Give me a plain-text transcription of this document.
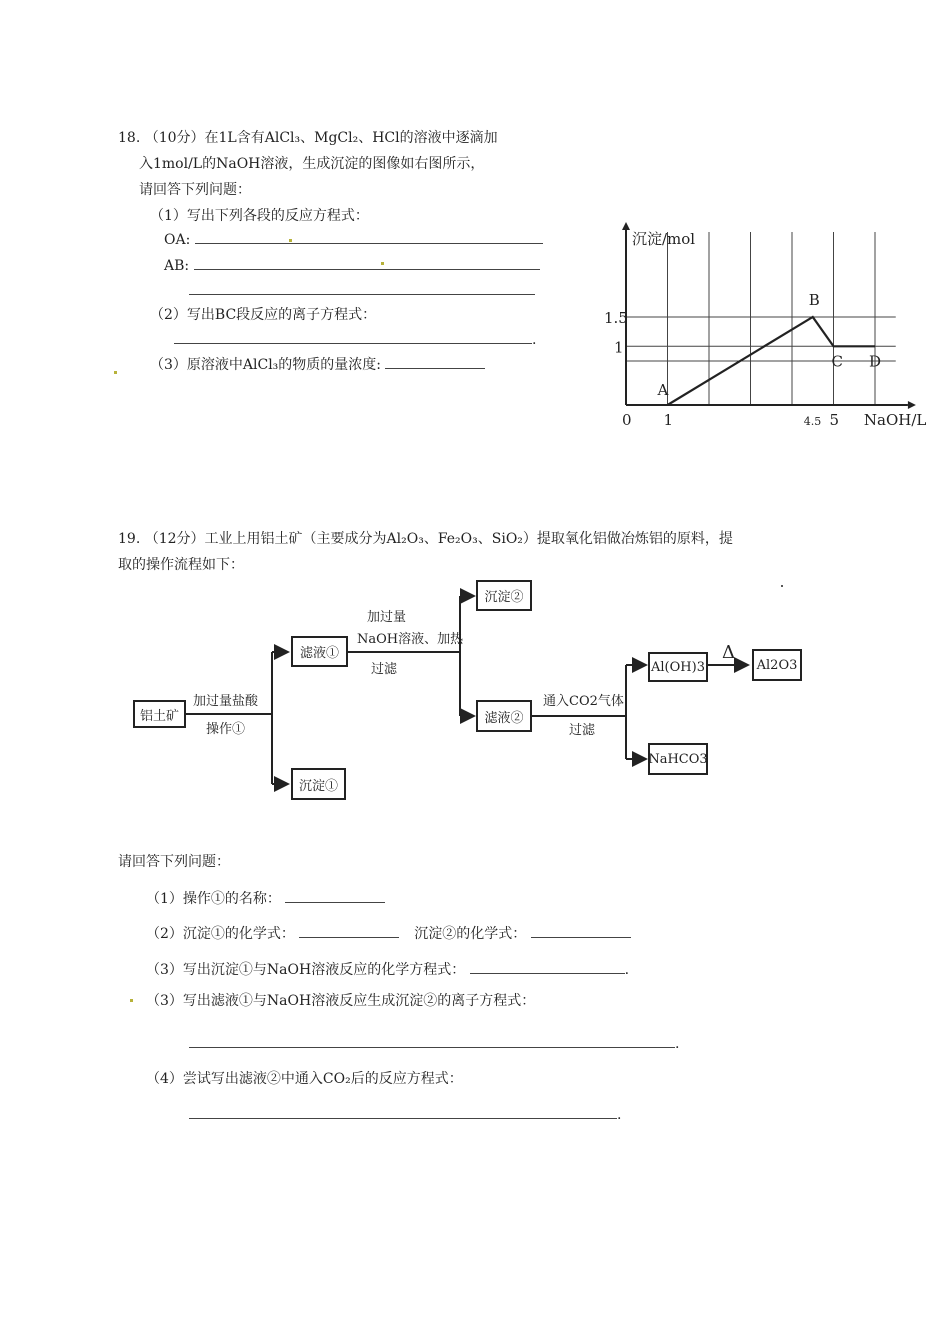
18. （10分）在1L含有AlCl₃、MgCl₂、HCl的溶液中逐滴加
入1mol/L的NaOH溶液，生成沉淀的图像如右图所示，
请回答下列问题：
（1）写出下列各段的反应方程式：
OA:
AB:
（2）写出BC段反应的离子方程式：
.
（3）原溶液中AlCl₃的物质的量浓度:
A
B
C D
0 1	4.5 5
1.5
1
NaOH/L
沉淀/mol
19. （12分）工业上用铝土矿（主要成分为Al₂O₃、Fe₂O₃、SiO₂）提取氧化铝做冶炼铝的原料，提
取的操作流程如下：
铝土矿
加过量盐酸
操作①
滤液①
沉淀①
加过量
NaOH溶液、加热
过滤
沉淀②
滤液②
通入CO2气体
过滤
Al(OH)3
Δ
Al2O3
NaHCO3
请回答下列问题：
（1）操作①的名称：
（2）沉淀①的化学式：	沉淀②的化学式：
（3）写出沉淀①与NaOH溶液反应的化学方程式：	.
（3）写出滤液①与NaOH溶液反应生成沉淀②的离子方程式：
.
（4）尝试写出滤液②中通入CO₂后的反应方程式：
.
